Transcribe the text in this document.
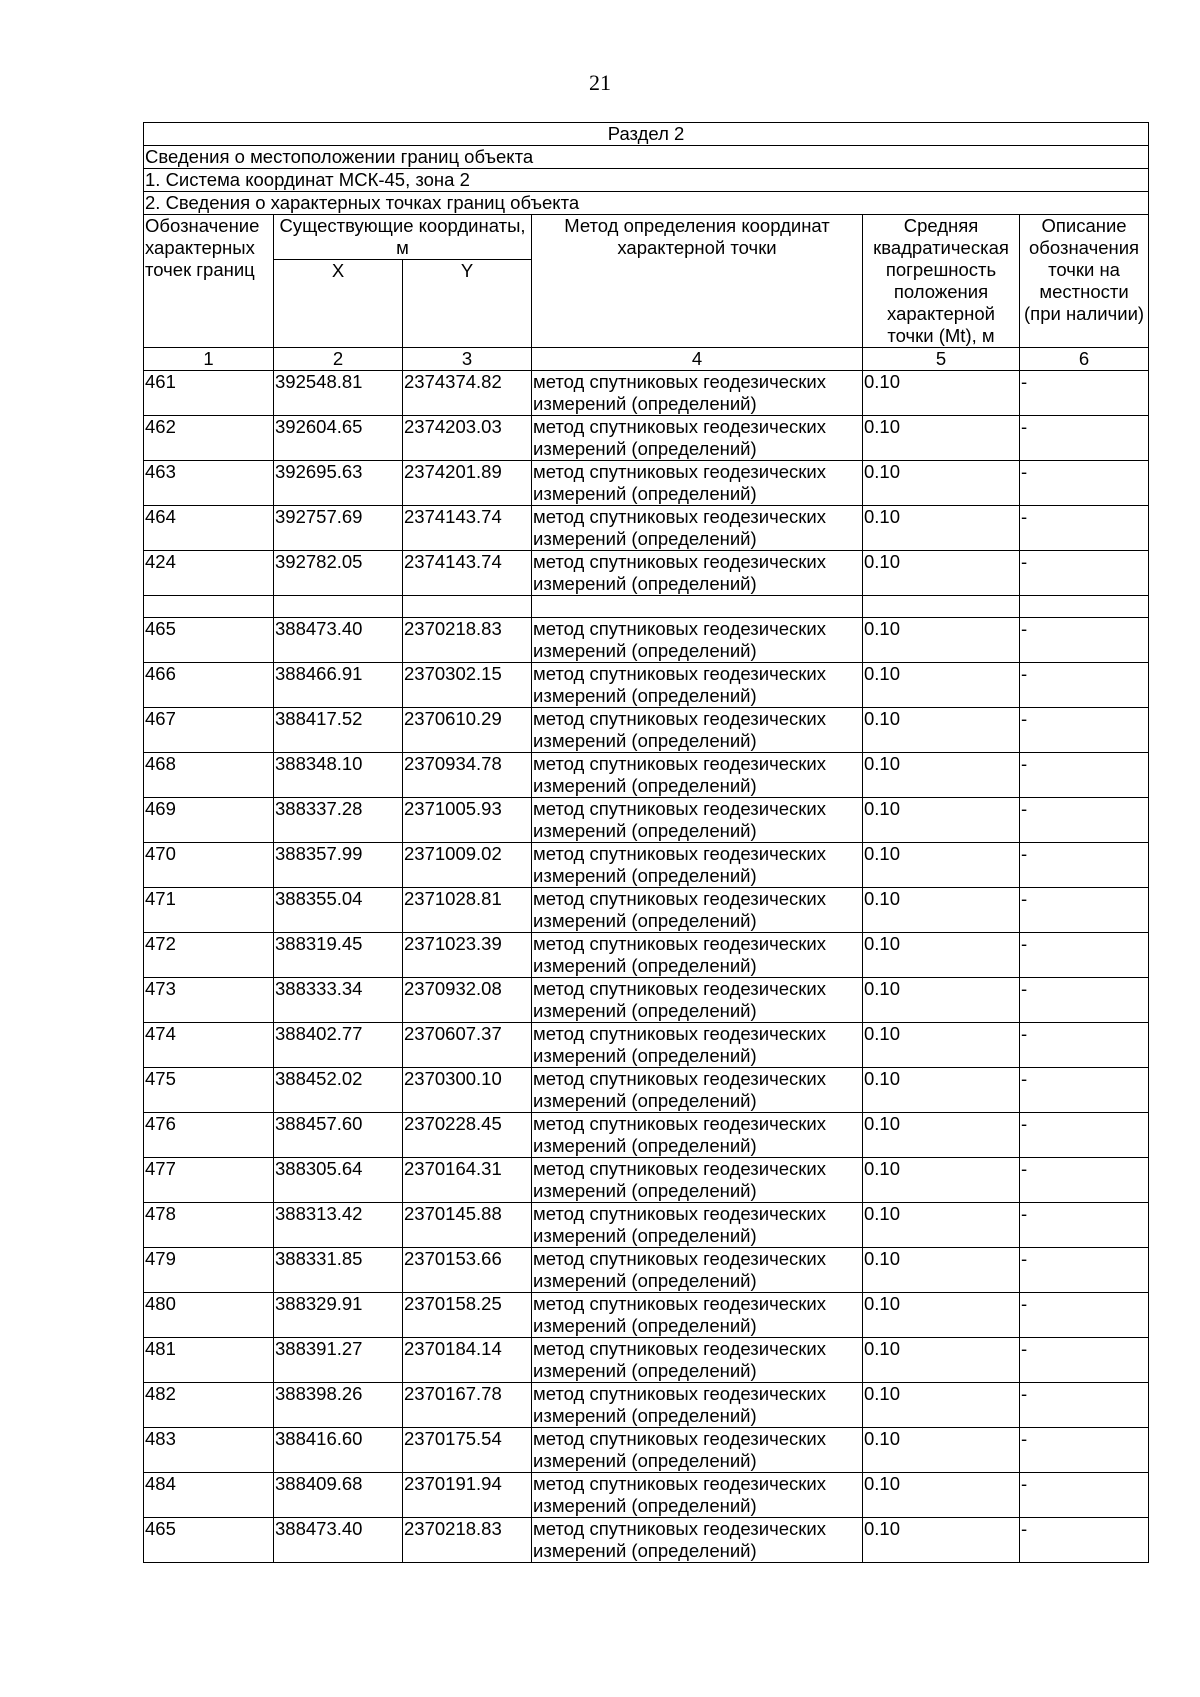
21
Раздел 2					
Сведения о местоположении границ объекта					
1. Система координат МСК-45, зона 2					
2. Сведения о характерных точках границ объекта					
Обозначение характерных точек границ	Существующие координаты, м		Метод определения координат характерной точки	Средняя квадратическая погрешность положения характерной точки (Mt), м	Описание обозначения точки на местности (при наличии)
	X	Y			
1	2	3	4	5	6
461	392548.81	2374374.82	метод спутниковых геодезических
измерений (определений)	0.10	-
462	392604.65	2374203.03	метод спутниковых геодезических
измерений (определений)	0.10	-
463	392695.63	2374201.89	метод спутниковых геодезических
измерений (определений)	0.10	-
464	392757.69	2374143.74	метод спутниковых геодезических
измерений (определений)	0.10	-
424	392782.05	2374143.74	метод спутниковых геодезических
измерений (определений)	0.10	-

465	388473.40	2370218.83	метод спутниковых геодезических
измерений (определений)	0.10	-
466	388466.91	2370302.15	метод спутниковых геодезических
измерений (определений)	0.10	-
467	388417.52	2370610.29	метод спутниковых геодезических
измерений (определений)	0.10	-
468	388348.10	2370934.78	метод спутниковых геодезических
измерений (определений)	0.10	-
469	388337.28	2371005.93	метод спутниковых геодезических
измерений (определений)	0.10	-
470	388357.99	2371009.02	метод спутниковых геодезических
измерений (определений)	0.10	-
471	388355.04	2371028.81	метод спутниковых геодезических
измерений (определений)	0.10	-
472	388319.45	2371023.39	метод спутниковых геодезических
измерений (определений)	0.10	-
473	388333.34	2370932.08	метод спутниковых геодезических
измерений (определений)	0.10	-
474	388402.77	2370607.37	метод спутниковых геодезических
измерений (определений)	0.10	-
475	388452.02	2370300.10	метод спутниковых геодезических
измерений (определений)	0.10	-
476	388457.60	2370228.45	метод спутниковых геодезических
измерений (определений)	0.10	-
477	388305.64	2370164.31	метод спутниковых геодезических
измерений (определений)	0.10	-
478	388313.42	2370145.88	метод спутниковых геодезических
измерений (определений)	0.10	-
479	388331.85	2370153.66	метод спутниковых геодезических
измерений (определений)	0.10	-
480	388329.91	2370158.25	метод спутниковых геодезических
измерений (определений)	0.10	-
481	388391.27	2370184.14	метод спутниковых геодезических
измерений (определений)	0.10	-
482	388398.26	2370167.78	метод спутниковых геодезических
измерений (определений)	0.10	-
483	388416.60	2370175.54	метод спутниковых геодезических
измерений (определений)	0.10	-
484	388409.68	2370191.94	метод спутниковых геодезических
измерений (определений)	0.10	-
465	388473.40	2370218.83	метод спутниковых геодезических
измерений (определений)	0.10	-
